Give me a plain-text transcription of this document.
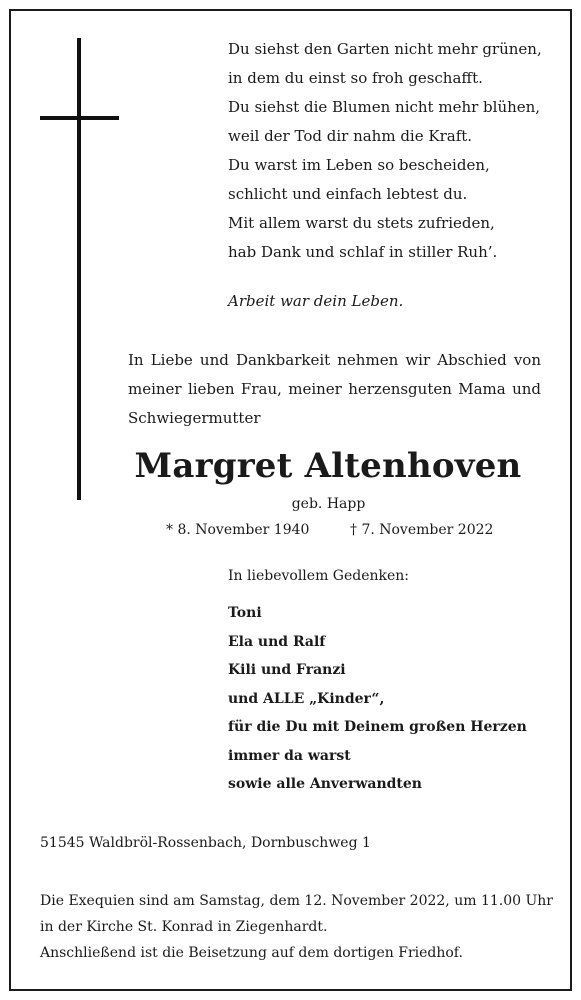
Du siehst den Garten nicht mehr grünen,
in dem du einst so froh geschafft.
Du siehst die Blumen nicht mehr blühen,
weil der Tod dir nahm die Kraft.
Du warst im Leben so bescheiden,
schlicht und einfach lebtest du.
Mit allem warst du stets zufrieden,
hab Dank und schlaf in stiller Ruh’.
Arbeit war dein Leben.
In Liebe und Dankbarkeit nehmen wir Abschied von meiner lieben Frau, meiner herzensguten Mama und Schwiegermutter
Margret Altenhoven
geb. Happ
* 8. November 1940	† 7. November 2022
In liebevollem Gedenken:
Toni
Ela und Ralf
Kili und Franzi
und ALLE „Kinder“,
für die Du mit Deinem großen Herzen
immer da warst
sowie alle Anverwandten
51545 Waldbröl-Rossenbach, Dornbuschweg 1
Die Exequien sind am Samstag, dem 12. November 2022, um 11.00 Uhr
in der Kirche St. Konrad in Ziegenhardt.
Anschließend ist die Beisetzung auf dem dortigen Friedhof.
